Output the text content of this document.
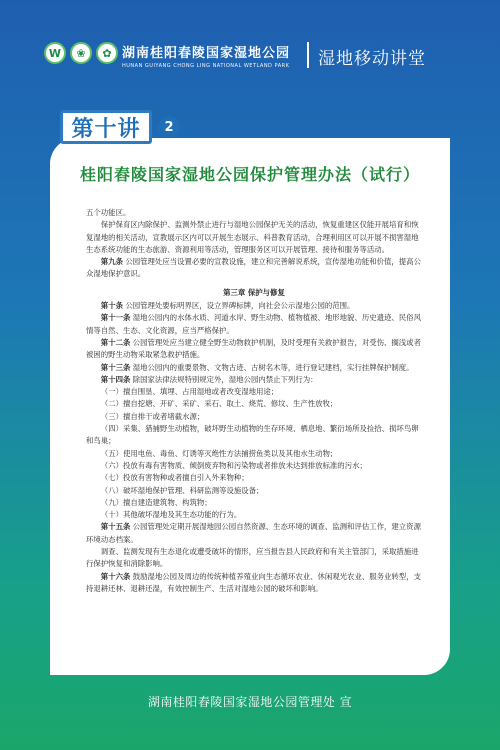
W	❀	✿ 湖南桂阳春陵国家湿地公园
HUNAN GUIYANG CHONG LING NATIONAL WETLAND PARK 湿地移动讲堂
第十讲	2
桂阳舂陵国家湿地公园保护管理办法（试行）

五个功能区。

保护保育区内除保护、监测外禁止进行与湿地公园保护无关的活动，恢复重建区仅能开展培育和恢复湿地的相关活动，宣教展示区内可以开展生态展示、科普教育活动，合理利用区可以开展不损害湿地生态系统功能的生态旅游、资源利用等活动，管理服务区可以开展管理、接待和服务等活动。

第九条 公园管理处应当设置必要的宣教设施，建立和完善解说系统，宣传湿地功能和价值，提高公众湿地保护意识。

第三章 保护与修复

第十条 公园管理处要标明界区，设立界碑标牌，向社会公示湿地公园的范围。

第十一条 湿地公园内的水体水质、河道水岸、野生动物、植物植被、地形地貌、历史遗迹、民俗风情等自然、生态、文化资源，应当严格保护。

第十二条 公园管理处应当建立健全野生动物救护机制，及时受理有关救护报告，对受伤、搁浅或者被困的野生动物采取紧急救护措施。

第十三条 湿地公园内的重要景物、文物古迹、古树名木等，进行登记建档，实行挂牌保护制度。

第十四条 除国家法律法规特别规定外，湿地公园内禁止下列行为：

（一）擅自围垦、填埋、占用湿地或者改变湿地用途；

（二）擅自挖塘、开矿、采矿、采石、取土、烧荒、修坟、生产性放牧；

（三）擅自排干或者堵截水源；

（四）采集、猎捕野生动植物，破坏野生动植物的生存环境、栖息地、繁衍场所及捡拾、损坏鸟卵和鸟巢；

（五）使用电鱼、毒鱼、灯诱等灭绝性方法捕捞鱼类以及其他水生动物；

（六）投放有毒有害物质、倾倒废弃物和污染物或者排放未达到排放标准的污水；

（七）投放有害物种或者擅自引入外来物种；

（八）破坏湿地保护管理、科研监测等设施设备；

（九）擅自建造建筑物、构筑物；

（十）其他破坏湿地及其生态功能的行为。

第十五条 公园管理处定期开展湿地园公园自然资源、生态环境的调查、监测和评估工作，建立资源环境动态档案。

调查、监测发现有生态退化或遭受破坏的情形，应当报告县人民政府和有关主管部门，采取措施进行保护恢复和消除影响。

第十六条 鼓励湿地公园及周边的传统种植养殖业向生态循环农业、休闲观光农业、服务业转型，支持退耕还林、退耕还湿，有效控制生产、生活对湿地公园的破坏和影响。

湖南桂阳舂陵国家湿地公园管理处 宣
